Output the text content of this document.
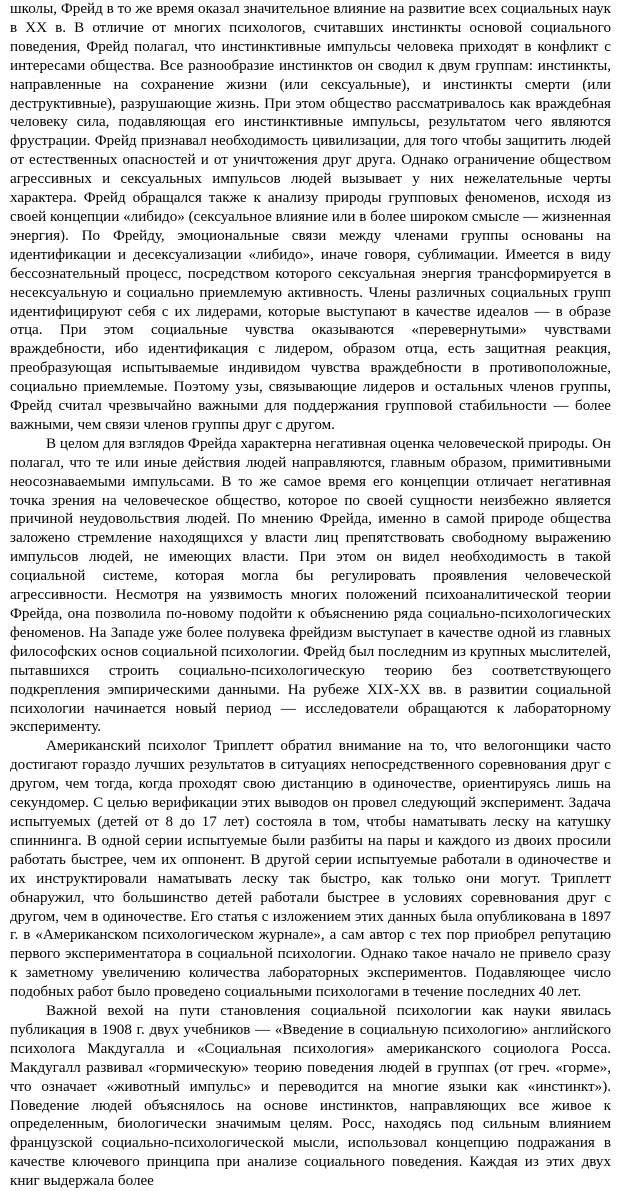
школы, Фрейд в то же время оказал значительное влияние на развитие всех социальных наук в XX в. В отличие от многих психологов, считавших инстинкты основой социального поведения, Фрейд полагал, что инстинктивные импульсы человека приходят в конфликт с интересами общества. Все разнообразие инстинктов он сводил к двум группам: инстинкты, направленные на сохранение жизни (или сексуальные), и инстинкты смерти (или деструктивные), разрушающие жизнь. При этом общество рассматривалось как враждебная человеку сила, подавляющая его инстинктивные импульсы, результатом чего являются фрустрации. Фрейд признавал необходимость цивилизации, для того чтобы защитить людей от естественных опасностей и от уничтожения друг друга. Однако ограничение обществом агрессивных и сексуальных импульсов людей вызывает у них нежелательные черты характера. Фрейд обращался также к анализу природы групповых феноменов, исходя из своей концепции «либидо» (сексуальное влияние или в более широком смысле — жизненная энергия). По Фрейду, эмоциональные связи между членами группы основаны на идентификации и десексуализации «либидо», иначе говоря, сублимации. Имеется в виду бессознательный процесс, посредством которого сексуальная энергия трансформируется в несексуальную и социально приемлемую активность. Члены различных социальных групп идентифицируют себя с их лидерами, которые выступают в качестве идеалов — в образе отца. При этом социальные чувства оказываются «перевернутыми» чувствами враждебности, ибо идентификация с лидером, образом отца, есть защитная реакция, преобразующая испытываемые индивидом чувства враждебности в противоположные, социально приемлемые. Поэтому узы, связывающие лидеров и остальных членов группы, Фрейд считал чрезвычайно важными для поддержания групповой стабильности — более важными, чем связи членов группы друг с другом.

В целом для взглядов Фрейда характерна негативная оценка человеческой природы. Он полагал, что те или иные действия людей направляются, главным образом, примитивными неосознаваемыми импульсами. В то же самое время его концепции отличает негативная точка зрения на человеческое общество, которое по своей сущности неизбежно является причиной неудовольствия людей. По мнению Фрейда, именно в самой природе общества заложено стремление находящихся у власти лиц препятствовать свободному выражению импульсов людей, не имеющих власти. При этом он видел необходимость в такой социальной системе, которая могла бы регулировать проявления человеческой агрессивности. Несмотря на уязвимость многих положений психоаналитической теории Фрейда, она позволила по-новому подойти к объяснению ряда социально-психологических феноменов. На Западе уже более полувека фрейдизм выступает в качестве одной из главных философских основ социальной психологии. Фрейд был последним из крупных мыслителей, пытавшихся строить социально-психологическую теорию без соответствующего подкрепления эмпирическими данными. На рубеже XIX-XX вв. в развитии социальной психологии начинается новый период — исследователи обращаются к лабораторному эксперименту.

Американский психолог Триплетт обратил внимание на то, что велогонщики часто достигают гораздо лучших результатов в ситуациях непосредственного соревнования друг с другом, чем тогда, когда проходят свою дистанцию в одиночестве, ориентируясь лишь на секундомер. С целью верификации этих выводов он провел следующий эксперимент. Задача испытуемых (детей от 8 до 17 лет) состояла в том, чтобы наматывать леску на катушку спиннинга. В одной серии испытуемые были разбиты на пары и каждого из двоих просили работать быстрее, чем их оппонент. В другой серии испытуемые работали в одиночестве и их инструктировали наматывать леску так быстро, как только они могут. Триплетт обнаружил, что большинство детей работали быстрее в условиях соревнования друг с другом, чем в одиночестве. Его статья с изложением этих данных была опубликована в 1897 г. в «Американском психологическом журнале», а сам автор с тех пор приобрел репутацию первого экспериментатора в социальной психологии. Однако такое начало не привело сразу к заметному увеличению количества лабораторных экспериментов. Подавляющее число подобных работ было проведено социальными психологами в течение последних 40 лет.

Важной вехой на пути становления социальной психологии как науки явилась публикация в 1908 г. двух учебников — «Введение в социальную психологию» английского психолога Макдугалла и «Социальная психология» американского социолога Росса. Макдугалл развивал «гормическую» теорию поведения людей в группах (от греч. «горме», что означает «животный импульс» и переводится на многие языки как «инстинкт»). Поведение людей объяснялось на основе инстинктов, направляющих все живое к определенным, биологически значимым целям. Росс, находясь под сильным влиянием французской социально-психологической мысли, использовал концепцию подражания в качестве ключевого принципа при анализе социального поведения. Каждая из этих двух книг выдержала более
